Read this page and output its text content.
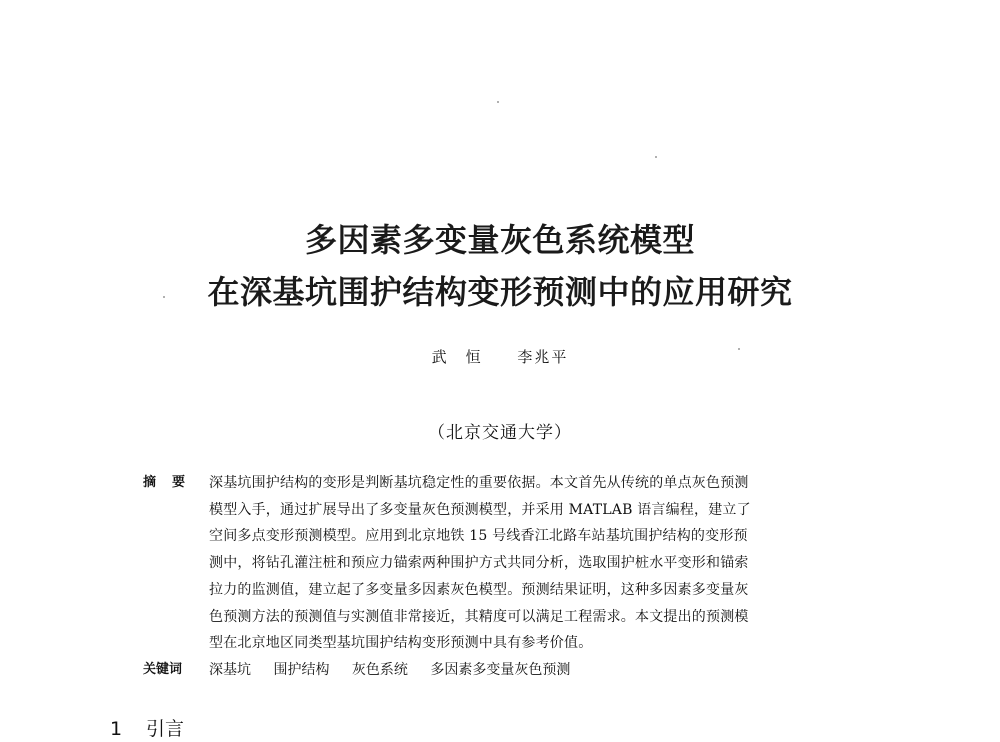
多因素多变量灰色系统模型
在深基坑围护结构变形预测中的应用研究
武　恒 李兆平
（北京交通大学）
摘要 深基坑围护结构的变形是判断基坑稳定性的重要依据。本文首先从传统的单点灰色预测
模型入手，通过扩展导出了多变量灰色预测模型，并采用 MATLAB 语言编程，建立了
空间多点变形预测模型。应用到北京地铁 15 号线香江北路车站基坑围护结构的变形预
测中，将钻孔灌注桩和预应力锚索两种围护方式共同分析，选取围护桩水平变形和锚索
拉力的监测值，建立起了多变量多因素灰色模型。预测结果证明，这种多因素多变量灰
色预测方法的预测值与实测值非常接近，其精度可以满足工程需求。本文提出的预测模
型在北京地区同类型基坑围护结构变形预测中具有参考价值。
关键词	深基坑 围护结构 灰色系统 多因素多变量灰色预测
1 引言
